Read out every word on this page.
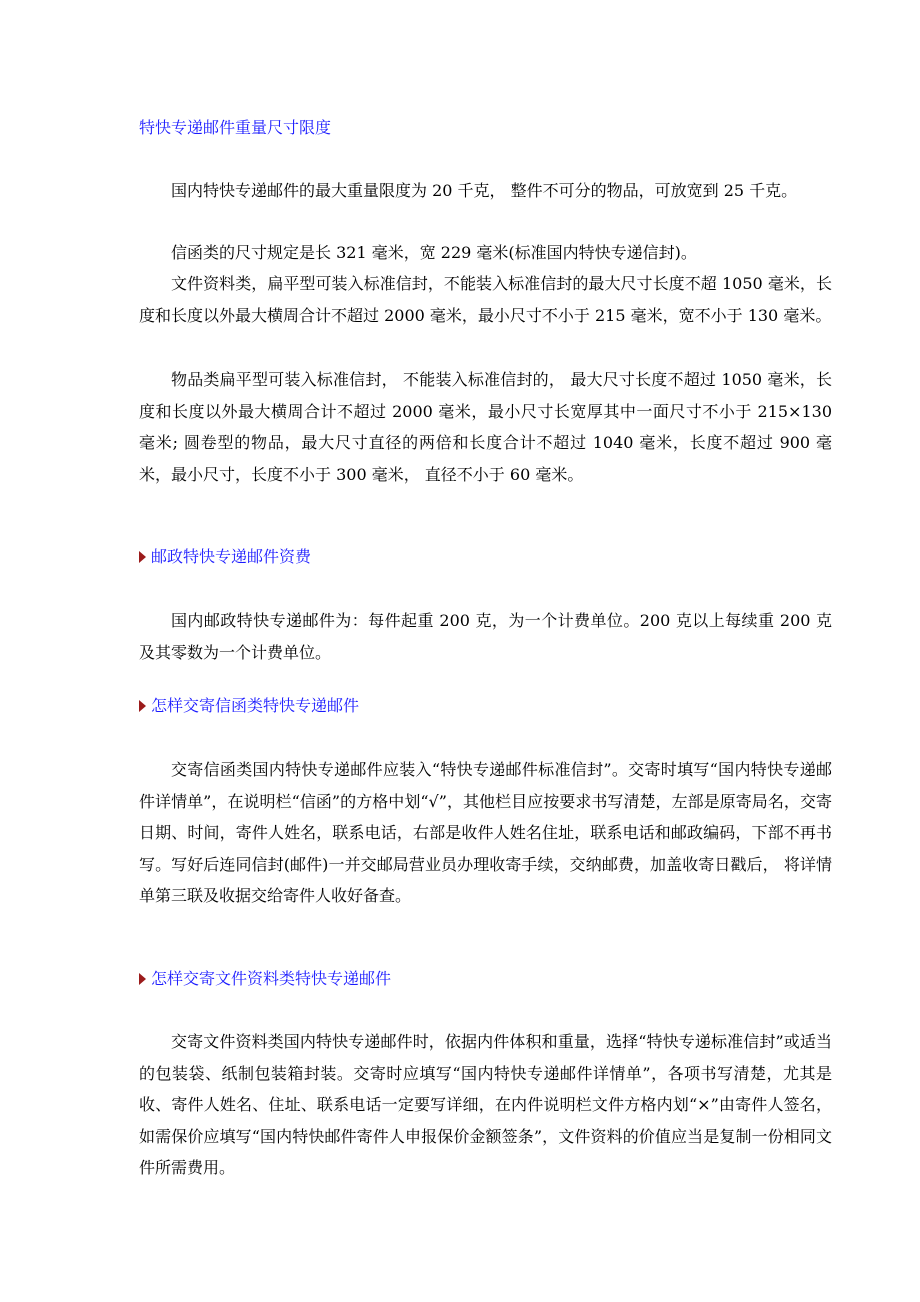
特快专递邮件重量尺寸限度

国内特快专递邮件的最大重量限度为 20 千克， 整件不可分的物品，可放宽到 25 千克。

信函类的尺寸规定是长 321 毫米，宽 229 毫米(标准国内特快专递信封)。

文件资料类，扁平型可装入标准信封，不能装入标准信封的最大尺寸长度不超 1050 毫米，长度和长度以外最大横周合计不超过 2000 毫米，最小尺寸不小于 215 毫米，宽不小于 130 毫米。

物品类扁平型可装入标准信封， 不能装入标准信封的， 最大尺寸长度不超过 1050 毫米，长度和长度以外最大横周合计不超过 2000 毫米，最小尺寸长宽厚其中一面尺寸不小于 215×130 毫米; 圆卷型的物品，最大尺寸直径的两倍和长度合计不超过 1040 毫米，长度不超过 900 毫米，最小尺寸，长度不小于 300 毫米， 直径不小于 60 毫米。

邮政特快专递邮件资费

国内邮政特快专递邮件为：每件起重 200 克，为一个计费单位。200 克以上每续重 200 克及其零数为一个计费单位。

怎样交寄信函类特快专递邮件

交寄信函类国内特快专递邮件应装入“特快专递邮件标准信封”。交寄时填写“国内特快专递邮件详情单”，在说明栏“信函”的方格中划“√”，其他栏目应按要求书写清楚，左部是原寄局名，交寄日期、时间，寄件人姓名，联系电话，右部是收件人姓名住址，联系电话和邮政编码，下部不再书写。写好后连同信封(邮件)一并交邮局营业员办理收寄手续，交纳邮费，加盖收寄日戳后， 将详情单第三联及收据交给寄件人收好备查。

怎样交寄文件资料类特快专递邮件

交寄文件资料类国内特快专递邮件时，依据内件体积和重量，选择“特快专递标准信封”或适当的包装袋、纸制包装箱封装。交寄时应填写“国内特快专递邮件详情单”，各项书写清楚，尤其是收、寄件人姓名、住址、联系电话一定要写详细，在内件说明栏文件方格内划“×”由寄件人签名，如需保价应填写“国内特快邮件寄件人申报保价金额签条”，文件资料的价值应当是复制一份相同文件所需费用。
